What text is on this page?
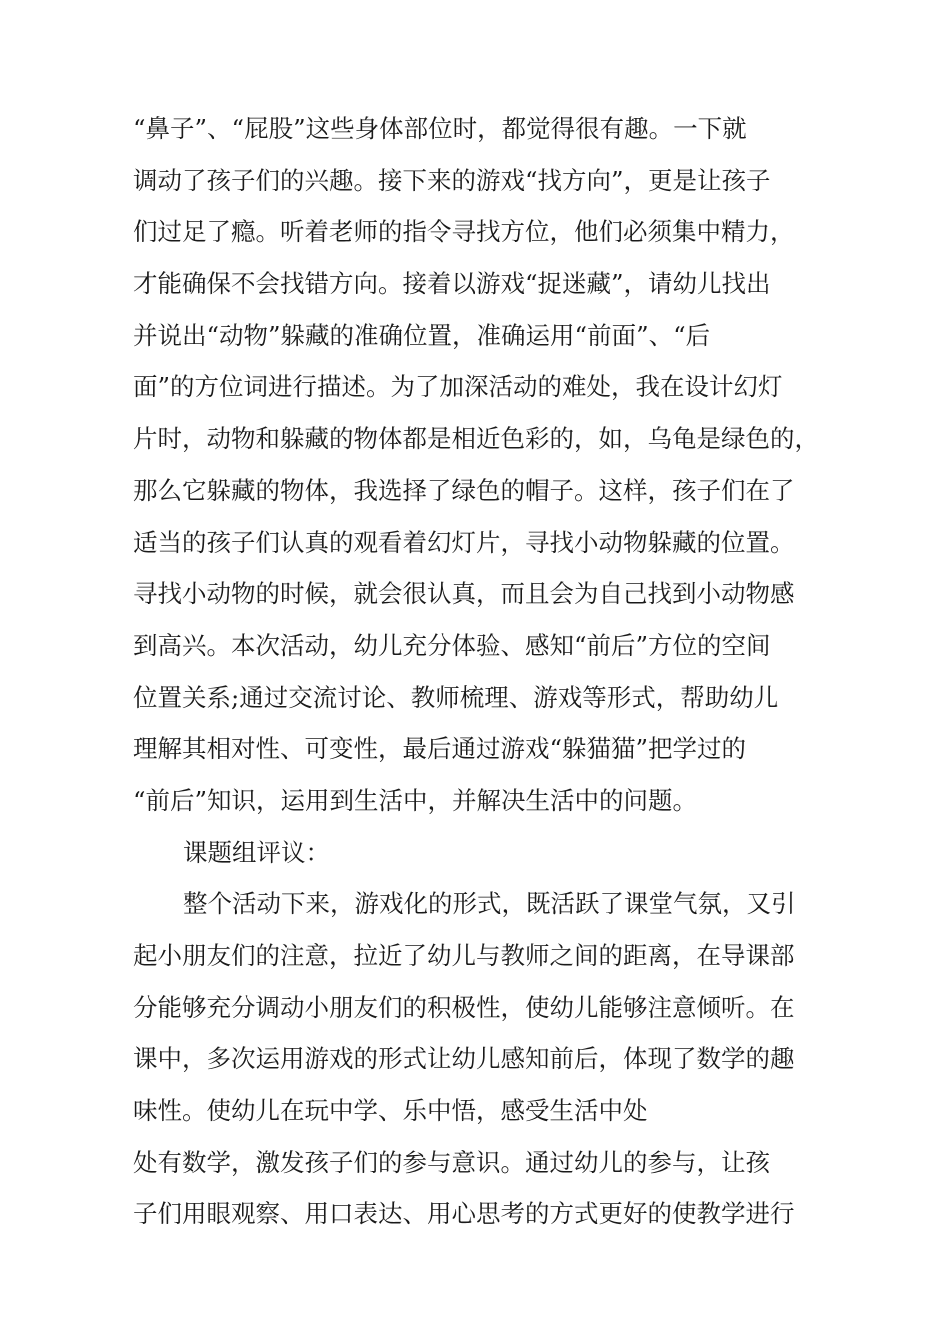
“鼻子”、“屁股”这些身体部位时，都觉得很有趣。一下就
调动了孩子们的兴趣。接下来的游戏“找方向”，更是让孩子
们过足了瘾。听着老师的指令寻找方位，他们必须集中精力，
才能确保不会找错方向。接着以游戏“捉迷藏”，请幼儿找出
并说出“动物”躲藏的准确位置，准确运用“前面”、“后
面”的方位词进行描述。为了加深活动的难处，我在设计幻灯
片时，动物和躲藏的物体都是相近色彩的，如，乌龟是绿色的，
那么它躲藏的物体，我选择了绿色的帽子。这样，孩子们在了
适当的孩子们认真的观看着幻灯片，寻找小动物躲藏的位置。
寻找小动物的时候，就会很认真，而且会为自己找到小动物感
到高兴。本次活动，幼儿充分体验、感知“前后”方位的空间
位置关系;通过交流讨论、教师梳理、游戏等形式，帮助幼儿
理解其相对性、可变性，最后通过游戏“躲猫猫”把学过的
“前后”知识，运用到生活中，并解决生活中的问题。
课题组评议：
整个活动下来，游戏化的形式，既活跃了课堂气氛，又引
起小朋友们的注意，拉近了幼儿与教师之间的距离，在导课部
分能够充分调动小朋友们的积极性，使幼儿能够注意倾听。在
课中，多次运用游戏的形式让幼儿感知前后，体现了数学的趣
味性。使幼儿在玩中学、乐中悟，感受生活中处
处有数学，激发孩子们的参与意识。通过幼儿的参与，让孩
子们用眼观察、用口表达、用心思考的方式更好的使教学进行
